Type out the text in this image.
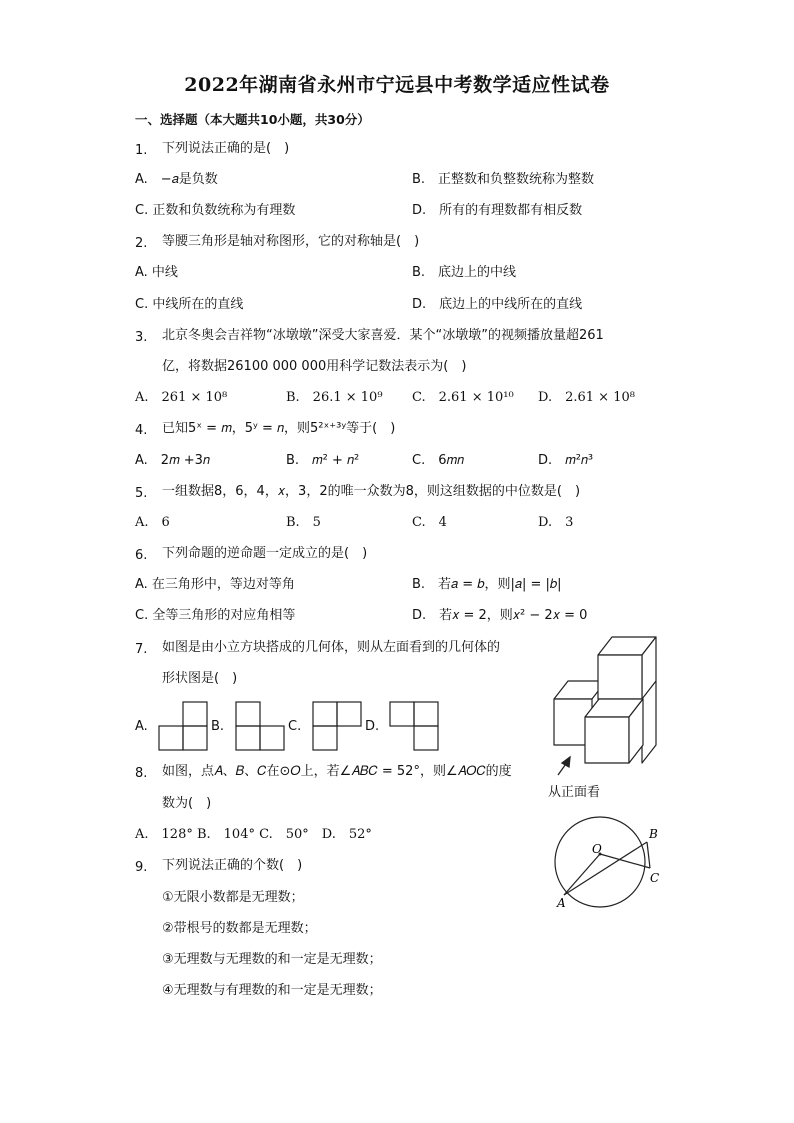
2022年湖南省永州市宁远县中考数学适应性试卷
一、选择题（本大题共10小题，共30分）
1. 下列说法正确的是(　)
A.　−𝑎是负数	B.　正整数和负整数统称为整数
C. 正数和负数统称为有理数	D.　所有的有理数都有相反数
2. 等腰三角形是轴对称图形，它的对称轴是(　)
A. 中线	B.　底边上的中线
C. 中线所在的直线	D.　底边上的中线所在的直线
3. 北京冬奥会吉祥物“冰墩墩”深受大家喜爱．某个“冰墩墩”的视频播放量超261
亿，将数据26100 000 000用科学记数法表示为(　)
A.　261 × 10⁸	B.　26.1 × 10⁹ C.　2.61 × 10¹⁰ D.　2.61 × 10⁸
4. 已知5ˣ = 𝑚，5ʸ = 𝑛，则5²ˣ⁺³ʸ等于(　)
A.　2𝑚 +3𝑛	B.　𝑚² + 𝑛²	C.　6𝑚𝑛	D.　𝑚²𝑛³
5. 一组数据8，6，4，𝑥，3，2的唯一众数为8，则这组数据的中位数是(　)
A.　6	B.　5	C.　4	D.　3
6. 下列命题的逆命题一定成立的是(　)
A. 在三角形中，等边对等角	B.　若𝑎 = 𝑏，则|𝑎| = |𝑏|
C. 全等三角形的对应角相等	D.　若𝑥 = 2，则𝑥² − 2𝑥 = 0
7. 如图是由小立方块搭成的几何体，则从左面看到的几何体的
形状图是(　)
A.	B.	C.	D.
从正面看
8. 如图，点𝐴、𝐵、𝐶在⊙𝑂上，若∠𝐴𝐵𝐶 = 52°，则∠𝐴𝑂𝐶的度
数为(　)
A.　128° B.　104° C.　50°　D.　52°
O
A
B
C
9. 下列说法正确的个数(　)
①无限小数都是无理数；
②带根号的数都是无理数；
③无理数与无理数的和一定是无理数；
④无理数与有理数的和一定是无理数；
